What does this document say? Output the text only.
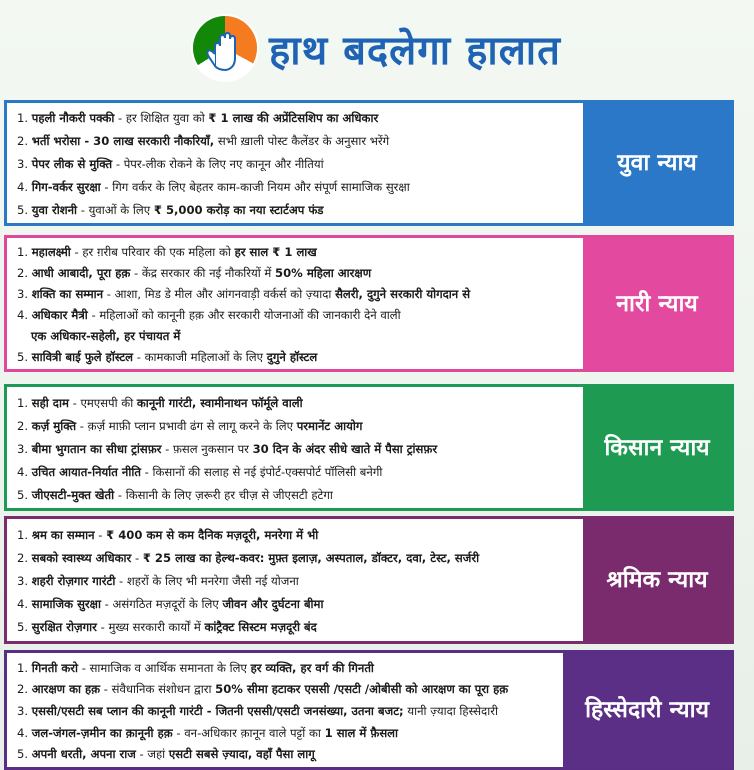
हाथ बदलेगा हालात
1. पहली नौकरी पक्की - हर शिक्षित युवा को ₹ 1 लाख की अप्रेंटिसशिप का अधिकार
2. भर्ती भरोसा - 30 लाख सरकारी नौकरियाँ, सभी ख़ाली पोस्ट कैलेंडर के अनुसार भरेंगे
3. पेपर लीक से मुक्ति - पेपर-लीक रोकने के लिए नए कानून और नीतियां
4. गिग-वर्कर सुरक्षा - गिग वर्कर के लिए बेहतर काम-काजी नियम और संपूर्ण सामाजिक सुरक्षा
5. युवा रोशनी - युवाओं के लिए ₹ 5,000 करोड़ का नया स्टार्टअप फंड
युवा न्याय
1. महालक्ष्मी - हर ग़रीब परिवार की एक महिला को हर साल ₹ 1 लाख
2. आधी आबादी, पूरा हक़ - केंद्र सरकार की नई नौकरियों में 50% महिला आरक्षण
3. शक्ति का सम्मान - आशा, मिड डे मील और आंगनवाड़ी वर्कर्स को ज़्यादा सैलरी, दुगुने सरकारी योगदान से
4. अधिकार मैत्री - महिलाओं को कानूनी हक़ और सरकारी योजनाओं की जानकारी देने वाली
एक अधिकार-सहेली, हर पंचायत में
5. सावित्री बाई फुले हॉस्टल - कामकाजी महिलाओं के लिए दुगुने हॉस्टल
नारी न्याय
1. सही दाम - एमएसपी की कानूनी गारंटी, स्वामीनाथन फॉर्मूले वाली
2. कर्ज़ मुक्ति - क़र्ज़ माफ़ी प्लान प्रभावी ढंग से लागू करने के लिए परमानेंट आयोग
3. बीमा भुगतान का सीधा ट्रांसफ़र - फ़सल नुकसान पर 30 दिन के अंदर सीधे खाते में पैसा ट्रांसफ़र
4. उचित आयात-निर्यात नीति - किसानों की सलाह से नई इंपोर्ट-एक्सपोर्ट पॉलिसी बनेगी
5. जीएसटी-मुक्त खेती - किसानी के लिए ज़रूरी हर चीज़ से जीएसटी हटेगा
किसान न्याय
1. श्रम का सम्मान - ₹ 400 कम से कम दैनिक मज़दूरी, मनरेगा में भी
2. सबको स्वास्थ्य अधिकार - ₹ 25 लाख का हेल्थ-कवर: मुफ़्त इलाज़, अस्पताल, डॉक्टर, दवा, टेस्ट, सर्जरी
3. शहरी रोज़गार गारंटी - शहरों के लिए भी मनरेगा जैसी नई योजना
4. सामाजिक सुरक्षा - असंगठित मज़दूरों के लिए जीवन और दुर्घटना बीमा
5. सुरक्षित रोज़गार - मुख्य सरकारी कार्यों में कांट्रैक्ट सिस्टम मज़दूरी बंद
श्रमिक न्याय
1. गिनती करो - सामाजिक व आर्थिक समानता के लिए हर व्यक्ति, हर वर्ग की गिनती
2. आरक्षण का हक़ - संवैधानिक संशोधन द्वारा 50% सीमा हटाकर एससी /एसटी /ओबीसी को आरक्षण का पूरा हक़
3. एससी/एसटी सब प्लान की कानूनी गारंटी - जितनी एससी/एसटी जनसंख्या, उतना बजट; यानी ज़्यादा हिस्सेदारी
4. जल-जंगल-ज़मीन का क़ानूनी हक़ - वन-अधिकार क़ानून वाले पट्टों का 1 साल में फ़ैसला
5. अपनी धरती, अपना राज - जहां एसटी सबसे ज़्यादा, वहाँ पैसा लागू
हिस्सेदारी न्याय
